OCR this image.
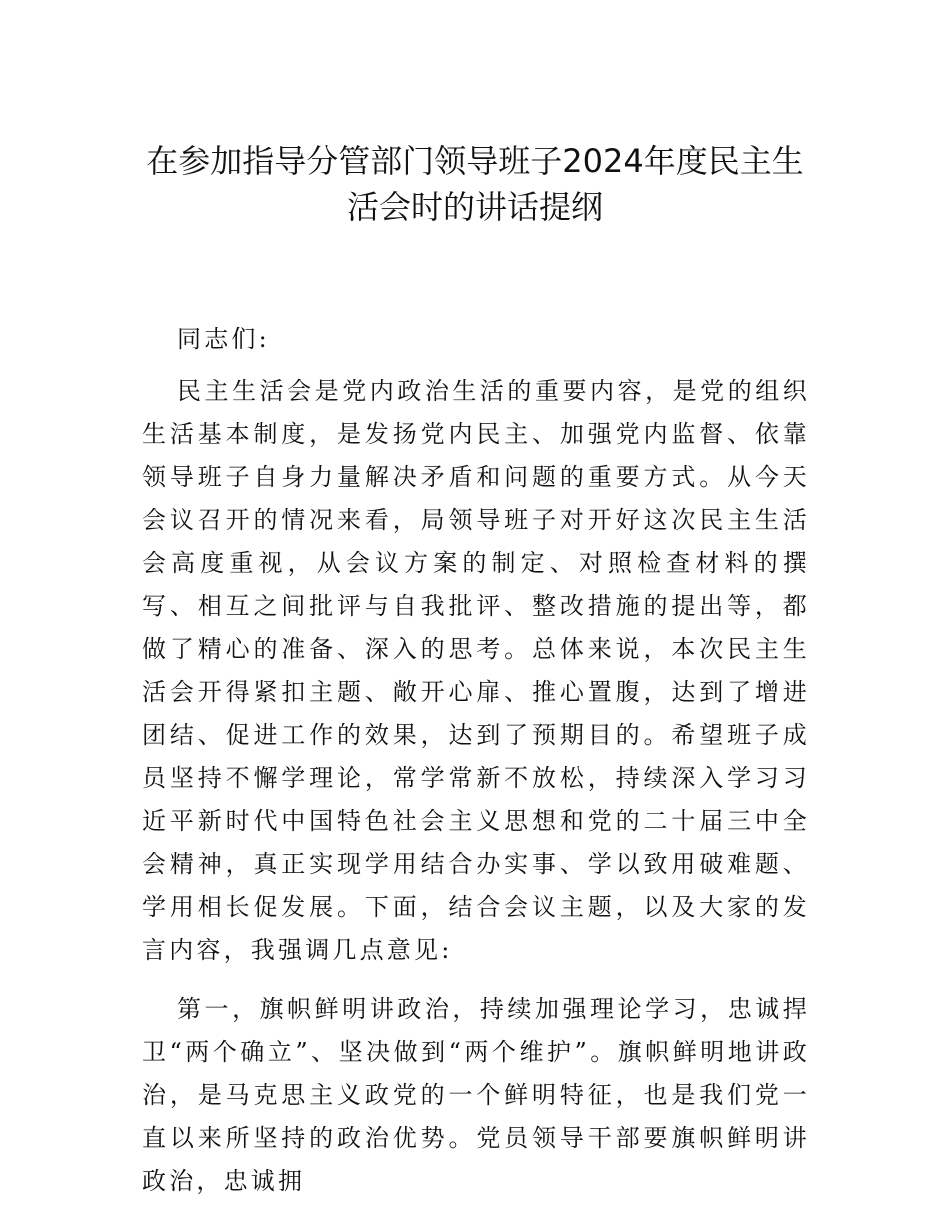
在参加指导分管部门领导班子2024年度民主生
活会时的讲话提纲

同志们:

民主生活会是党内政治生活的重要内容，是党的组织生活基本制度，是发扬党内民主、加强党内监督、依靠领导班子自身力量解决矛盾和问题的重要方式。从今天会议召开的情况来看，局领导班子对开好这次民主生活会高度重视，从会议方案的制定、对照检查材料的撰写、相互之间批评与自我批评、整改措施的提出等，都做了精心的准备、深入的思考。总体来说，本次民主生活会开得紧扣主题、敞开心扉、推心置腹，达到了增进团结、促进工作的效果，达到了预期目的。希望班子成员坚持不懈学理论，常学常新不放松，持续深入学习习近平新时代中国特色社会主义思想和党的二十届三中全会精神，真正实现学用结合办实事、学以致用破难题、学用相长促发展。下面，结合会议主题，以及大家的发言内容，我强调几点意见:

第一，旗帜鲜明讲政治，持续加强理论学习，忠诚捍卫“两个确立”、坚决做到“两个维护”。旗帜鲜明地讲政治，是马克思主义政党的一个鲜明特征，也是我们党一直以来所坚持的政治优势。党员领导干部要旗帜鲜明讲政治，忠诚拥
